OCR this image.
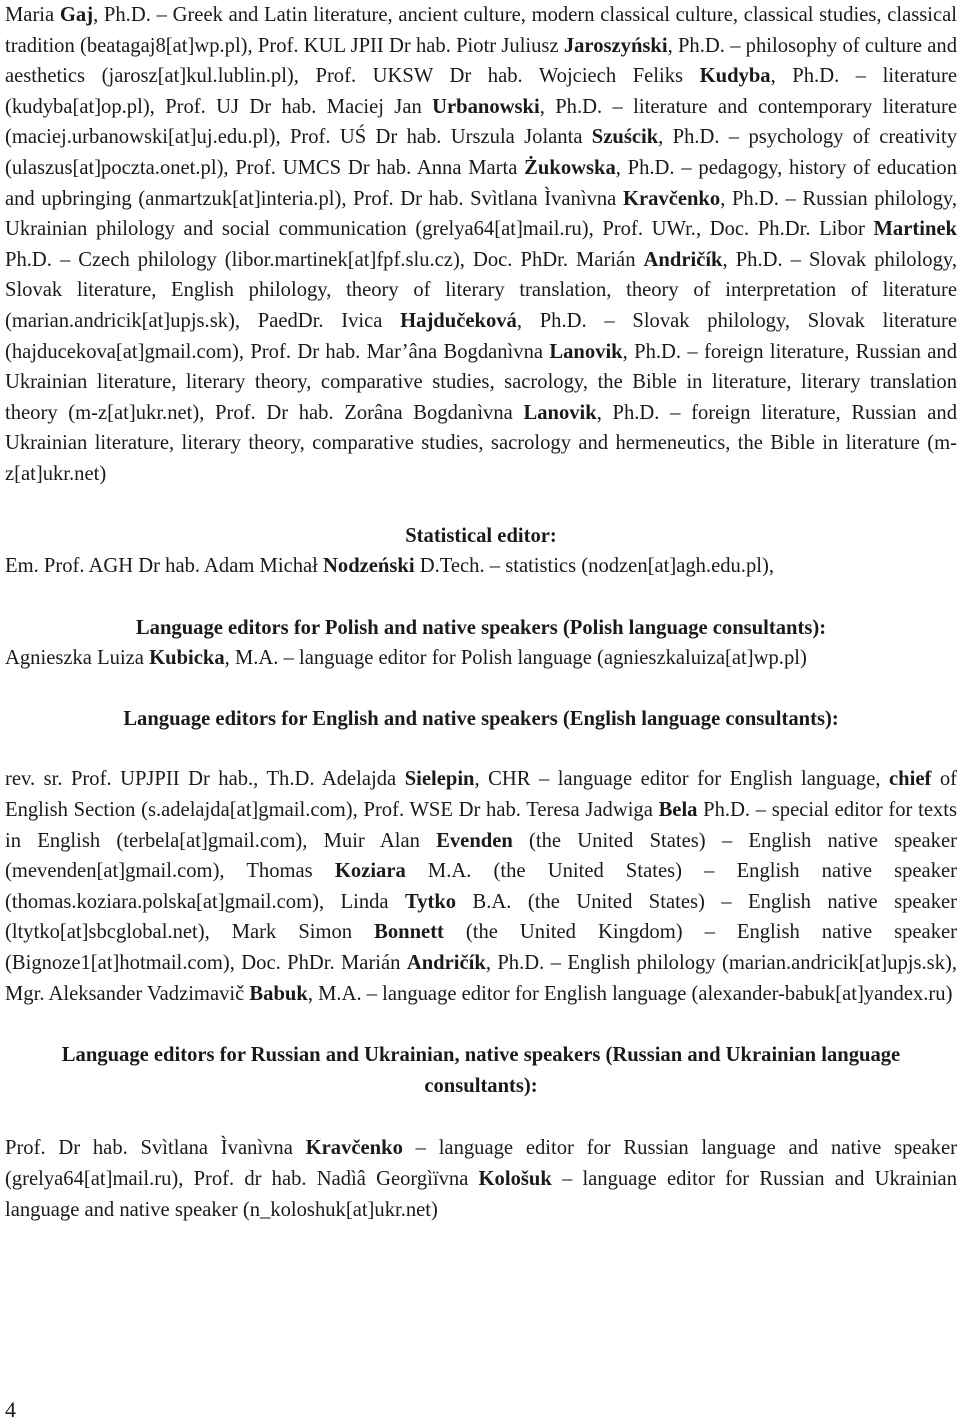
Maria Gaj, Ph.D. – Greek and Latin literature, ancient culture, modern classical culture, classical studies, classical tradition (beatagaj8[at]wp.pl), Prof. KUL JPII Dr hab. Piotr Juliusz Jaroszyński, Ph.D. – philosophy of culture and aesthetics (jarosz[at]kul.lublin.pl), Prof. UKSW Dr hab. Wojciech Feliks Kudyba, Ph.D. – literature (kudyba[at]op.pl), Prof. UJ Dr hab. Maciej Jan Urbanowski, Ph.D. – literature and contemporary literature (maciej.urbanowski[at]uj.edu.pl), Prof. UŚ Dr hab. Urszula Jolanta Szuścik, Ph.D. – psychology of creativity (ulaszus[at]poczta.onet.pl), Prof. UMCS Dr hab. Anna Marta Żukowska, Ph.D. – pedagogy, history of education and upbringing (anmartzuk[at]interia.pl), Prof. Dr hab. Svìtlana Ìvanìvna Kravčenko, Ph.D. – Russian philology, Ukrainian philology and social communication (grelya64[at]mail.ru), Prof. UWr., Doc. Ph.Dr. Libor Martinek Ph.D. – Czech philology (libor.martinek[at]fpf.slu.cz), Doc. PhDr. Marián Andričík, Ph.D. – Slovak philology, Slovak literature, English philology, theory of literary translation, theory of interpretation of literature (marian.andricik[at]upjs.sk), PaedDr. Ivica Hajdučeková, Ph.D. – Slovak philology, Slovak literature (hajducekova[at]gmail.com), Prof. Dr hab. Mar’âna Bogdanìvna Lanovik, Ph.D. – foreign literature, Russian and Ukrainian literature, literary theory, comparative studies, sacrology, the Bible in literature, literary translation theory (m-z[at]ukr.net), Prof. Dr hab. Zorâna Bogdanìvna Lanovik, Ph.D. – foreign literature, Russian and Ukrainian literature, literary theory, comparative studies, sacrology and hermeneutics, the Bible in literature (m-z[at]ukr.net)

Statistical editor:

Em. Prof. AGH Dr hab. Adam Michał Nodzeński D.Tech. – statistics (nodzen[at]agh.edu.pl),

Language editors for Polish and native speakers (Polish language consultants):

Agnieszka Luiza Kubicka, M.A. – language editor for Polish language (agnieszkaluiza[at]wp.pl)

Language editors for English and native speakers (English language consultants):

rev. sr. Prof. UPJPII Dr hab., Th.D. Adelajda Sielepin, CHR – language editor for English language, chief of English Section (s.adelajda[at]gmail.com), Prof. WSE Dr hab. Teresa Jadwiga Bela Ph.D. – special editor for texts in English (terbela[at]gmail.com), Muir Alan Evenden (the United States) – English native speaker (mevenden[at]gmail.com), Thomas Koziara M.A. (the United States) – English native speaker (thomas.koziara.polska[at]gmail.com), Linda Tytko B.A. (the United States) – English native speaker (ltytko[at]sbcglobal.net), Mark Simon Bonnett (the United Kingdom) – English native speaker (Bignoze1[at]hotmail.com), Doc. PhDr. Marián Andričík, Ph.D. – English philology (marian.andricik[at]upjs.sk), Mgr. Aleksander Vadzimavič Babuk, M.A. – language editor for English language (alexander-babuk[at]yandex.ru)

Language editors for Russian and Ukrainian, native speakers (Russian and Ukrainian language consultants):

Prof. Dr hab. Svìtlana Ìvanìvna Kravčenko – language editor for Russian language and native speaker (grelya64[at]mail.ru), Prof. dr hab. Nadìâ Georgìïvna Kološuk – language editor for Russian and Ukrainian language and native speaker (n_koloshuk[at]ukr.net)

4
